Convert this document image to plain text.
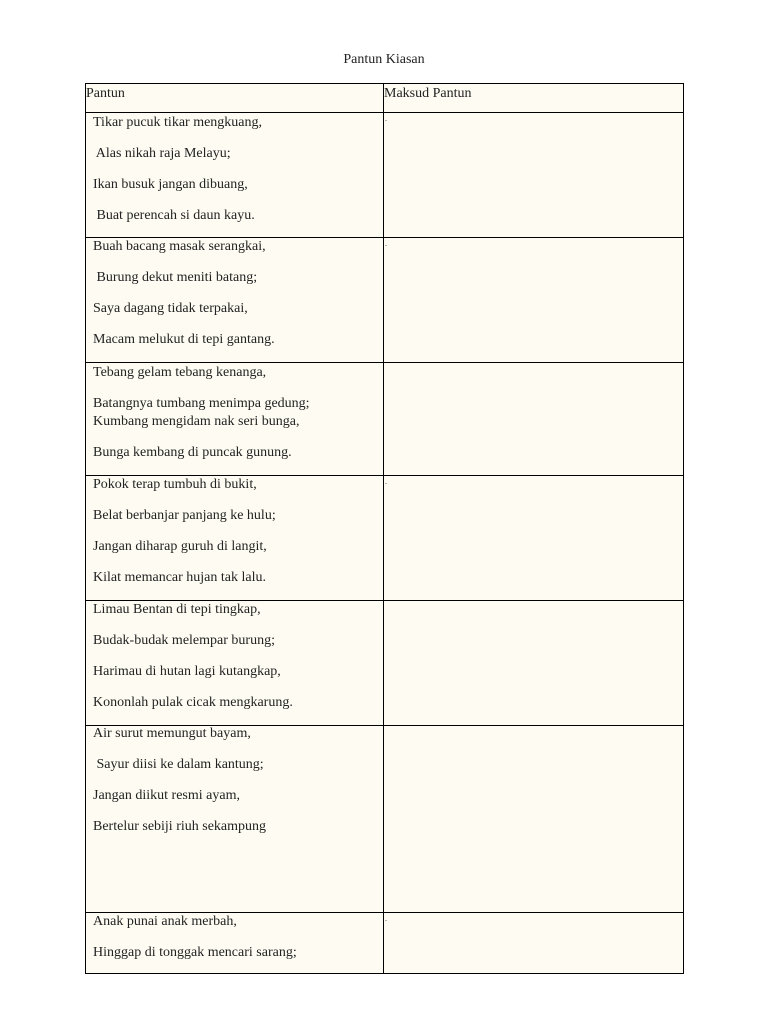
Pantun Kiasan
Pantun	Maksud Pantun

Tikar pucuk tikar mengkuang,
Alas nikah raja Melayu;
Ikan busuk jangan dibuang,
Buat perencah si daun kayu.	.

Buah bacang masak serangkai,
Burung dekut meniti batang;
Saya dagang tidak terpakai,
Macam melukut di tepi gantang.	.

Tebang gelam tebang kenanga,
Batangnya tumbang menimpa gedung;
Kumbang mengidam nak seri bunga,
Bunga kembang di puncak gunung.	

Pokok terap tumbuh di bukit,
Belat berbanjar panjang ke hulu;
Jangan diharap guruh di langit,
Kilat memancar hujan tak lalu.	.

Limau Bentan di tepi tingkap,
Budak-budak melempar burung;
Harimau di hutan lagi kutangkap,
Kononlah pulak cicak mengkarung.	

Air surut memungut bayam,
Sayur diisi ke dalam kantung;
Jangan diikut resmi ayam,
Bertelur sebiji riuh sekampung	

Anak punai anak merbah,
Hinggap di tonggak mencari sarang;	.
